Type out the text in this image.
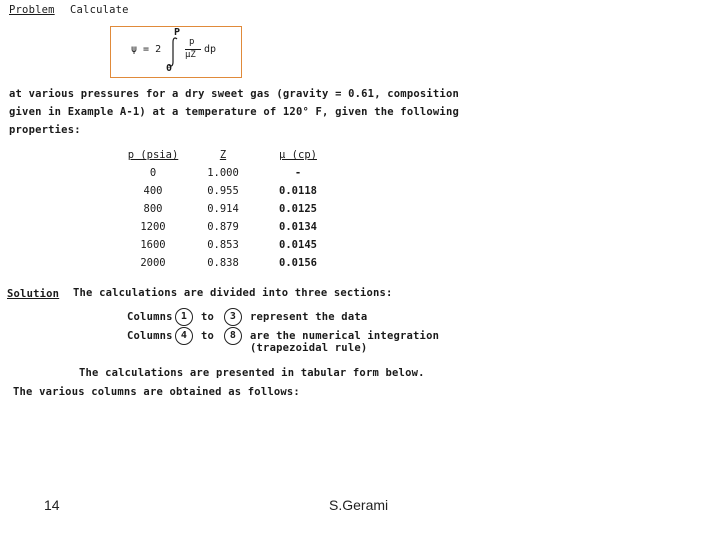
Problem Calculate
ψ = 2
P
0
p
μZ dp
at various pressures for a dry sweet gas (gravity = 0.61, composition
given in Example A-1) at a temperature of 120° F, given the following
properties:
p (psia)	Z	μ (cp)
0	1.000	-
400	0.955	0.0118
800	0.914	0.0125
1200	0.879	0.0134
1600	0.853	0.0145
2000	0.838	0.0156
Solution The calculations are divided into three sections:
Columns 1	to	3	represent the data
Columns 4	to	8	are the numerical integration
(trapezoidal rule)
The calculations are presented in tabular form below.
The various columns are obtained as follows:
14	S.Gerami
